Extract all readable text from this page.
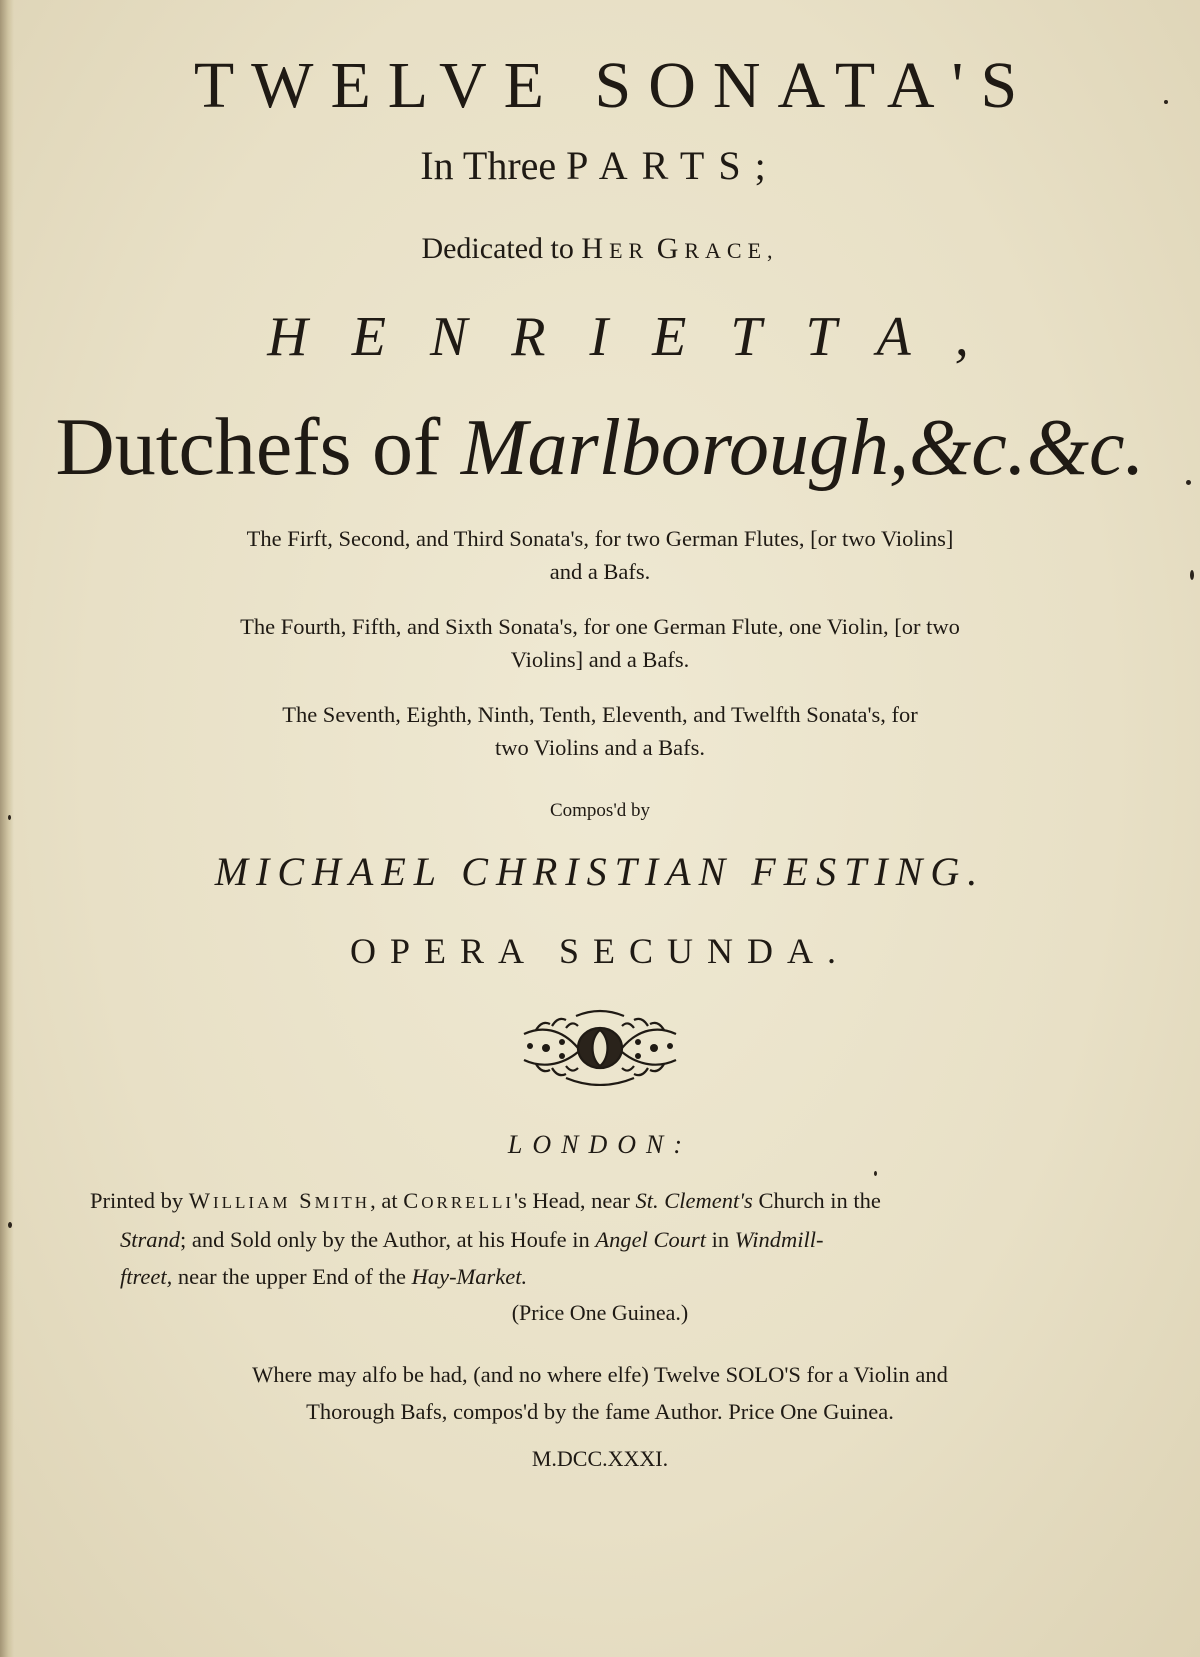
TWELVE SONATA'S
In Three PARTS;
Dedicated to HER GRACE,
HENRIETTA,
Dutchefs of Marlborough,&c.&c.
The Firft, Second, and Third Sonata's, for two German Flutes, [or two Violins]
and a Bafs.
The Fourth, Fifth, and Sixth Sonata's, for one German Flute, one Violin, [or two
Violins] and a Bafs.
The Seventh, Eighth, Ninth, Tenth, Eleventh, and Twelfth Sonata's, for
two Violins and a Bafs.
Compos'd by
MICHAEL CHRISTIAN FESTING.
OPERA SECUNDA.
LONDON:
Printed by WILLIAM SMITH, at CORRELLI's Head, near St. Clement's Church in the
Strand; and Sold only by the Author, at his Houfe in Angel Court in Windmill-
ftreet, near the upper End of the Hay-Market.
(Price One Guinea.)
Where may alfo be had, (and no where elfe) Twelve SOLO'S for a Violin and
Thorough Bafs, compos'd by the fame Author. Price One Guinea.
M.DCC.XXXI.
